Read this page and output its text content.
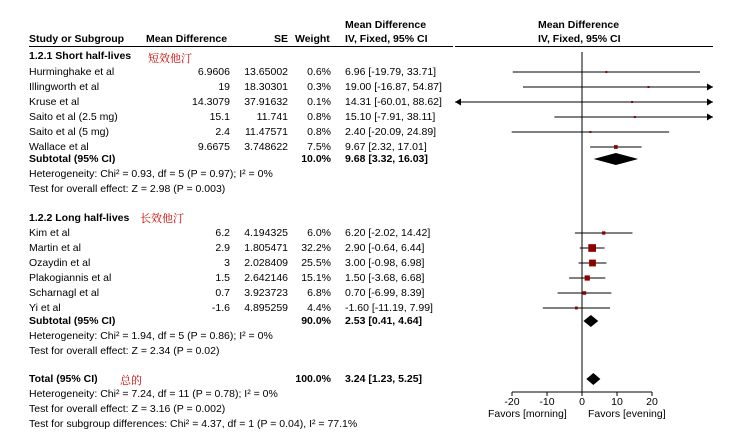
Mean Difference	Mean Difference
Study or Subgroup Mean Difference	SE Weight IV, Fixed, 95% CI	IV, Fixed, 95% CI
1.2.1 Short half-lives 短效他汀
Hurminghake et al	6.9606	13.65002	0.6% 6.96 [-19.79, 33.71]
Illingworth et al	19	18.30301	0.3% 19.00 [-16.87, 54.87]
Kruse et al	14.3079	37.91632	0.1% 14.31 [-60.01, 88.62]
Saito et al (2.5 mg)	15.1	11.741	0.8% 15.10 [-7.91, 38.11]
Saito et al (5 mg)	2.4	11.47571	0.8% 2.40 [-20.09, 24.89]
Wallace et al	9.6675	3.748622	7.5% 9.67 [2.32, 17.01]
Subtotal (95% CI)	10.0% 9.68 [3.32, 16.03]
Heterogeneity: Chi² = 0.93, df = 5 (P = 0.97); I² = 0%
Test for overall effect: Z = 2.98 (P = 0.003)
1.2.2 Long half-lives 长效他汀
Kim et al	6.2	4.194325	6.0% 6.20 [-2.02, 14.42]
Martin et al	2.9	1.805471	32.2% 2.90 [-0.64, 6.44]
Ozaydin et al	3	2.028409	25.5% 3.00 [-0.98, 6.98]
Plakogiannis et al	1.5	2.642146	15.1% 1.50 [-3.68, 6.68]
Scharnagl et al	0.7	3.923723	6.8% 0.70 [-6.99, 8.39]
Yi et al	-1.6	4.895259	4.4% -1.60 [-11.19, 7.99]
Subtotal (95% CI)	90.0% 2.53 [0.41, 4.64]
Heterogeneity: Chi² = 1.94, df = 5 (P = 0.86); I² = 0%
Test for overall effect: Z = 2.34 (P = 0.02)
Total (95% CI) 总的	100.0% 3.24 [1.23, 5.25]
Heterogeneity: Chi² = 7.24, df = 11 (P = 0.78); I² = 0%
Test for overall effect: Z = 3.16 (P = 0.002)
Test for subgroup differences: Chi² = 4.37, df = 1 (P = 0.04), I² = 77.1%
-20	-10	0	10	20
Favors [morning] Favors [evening]
